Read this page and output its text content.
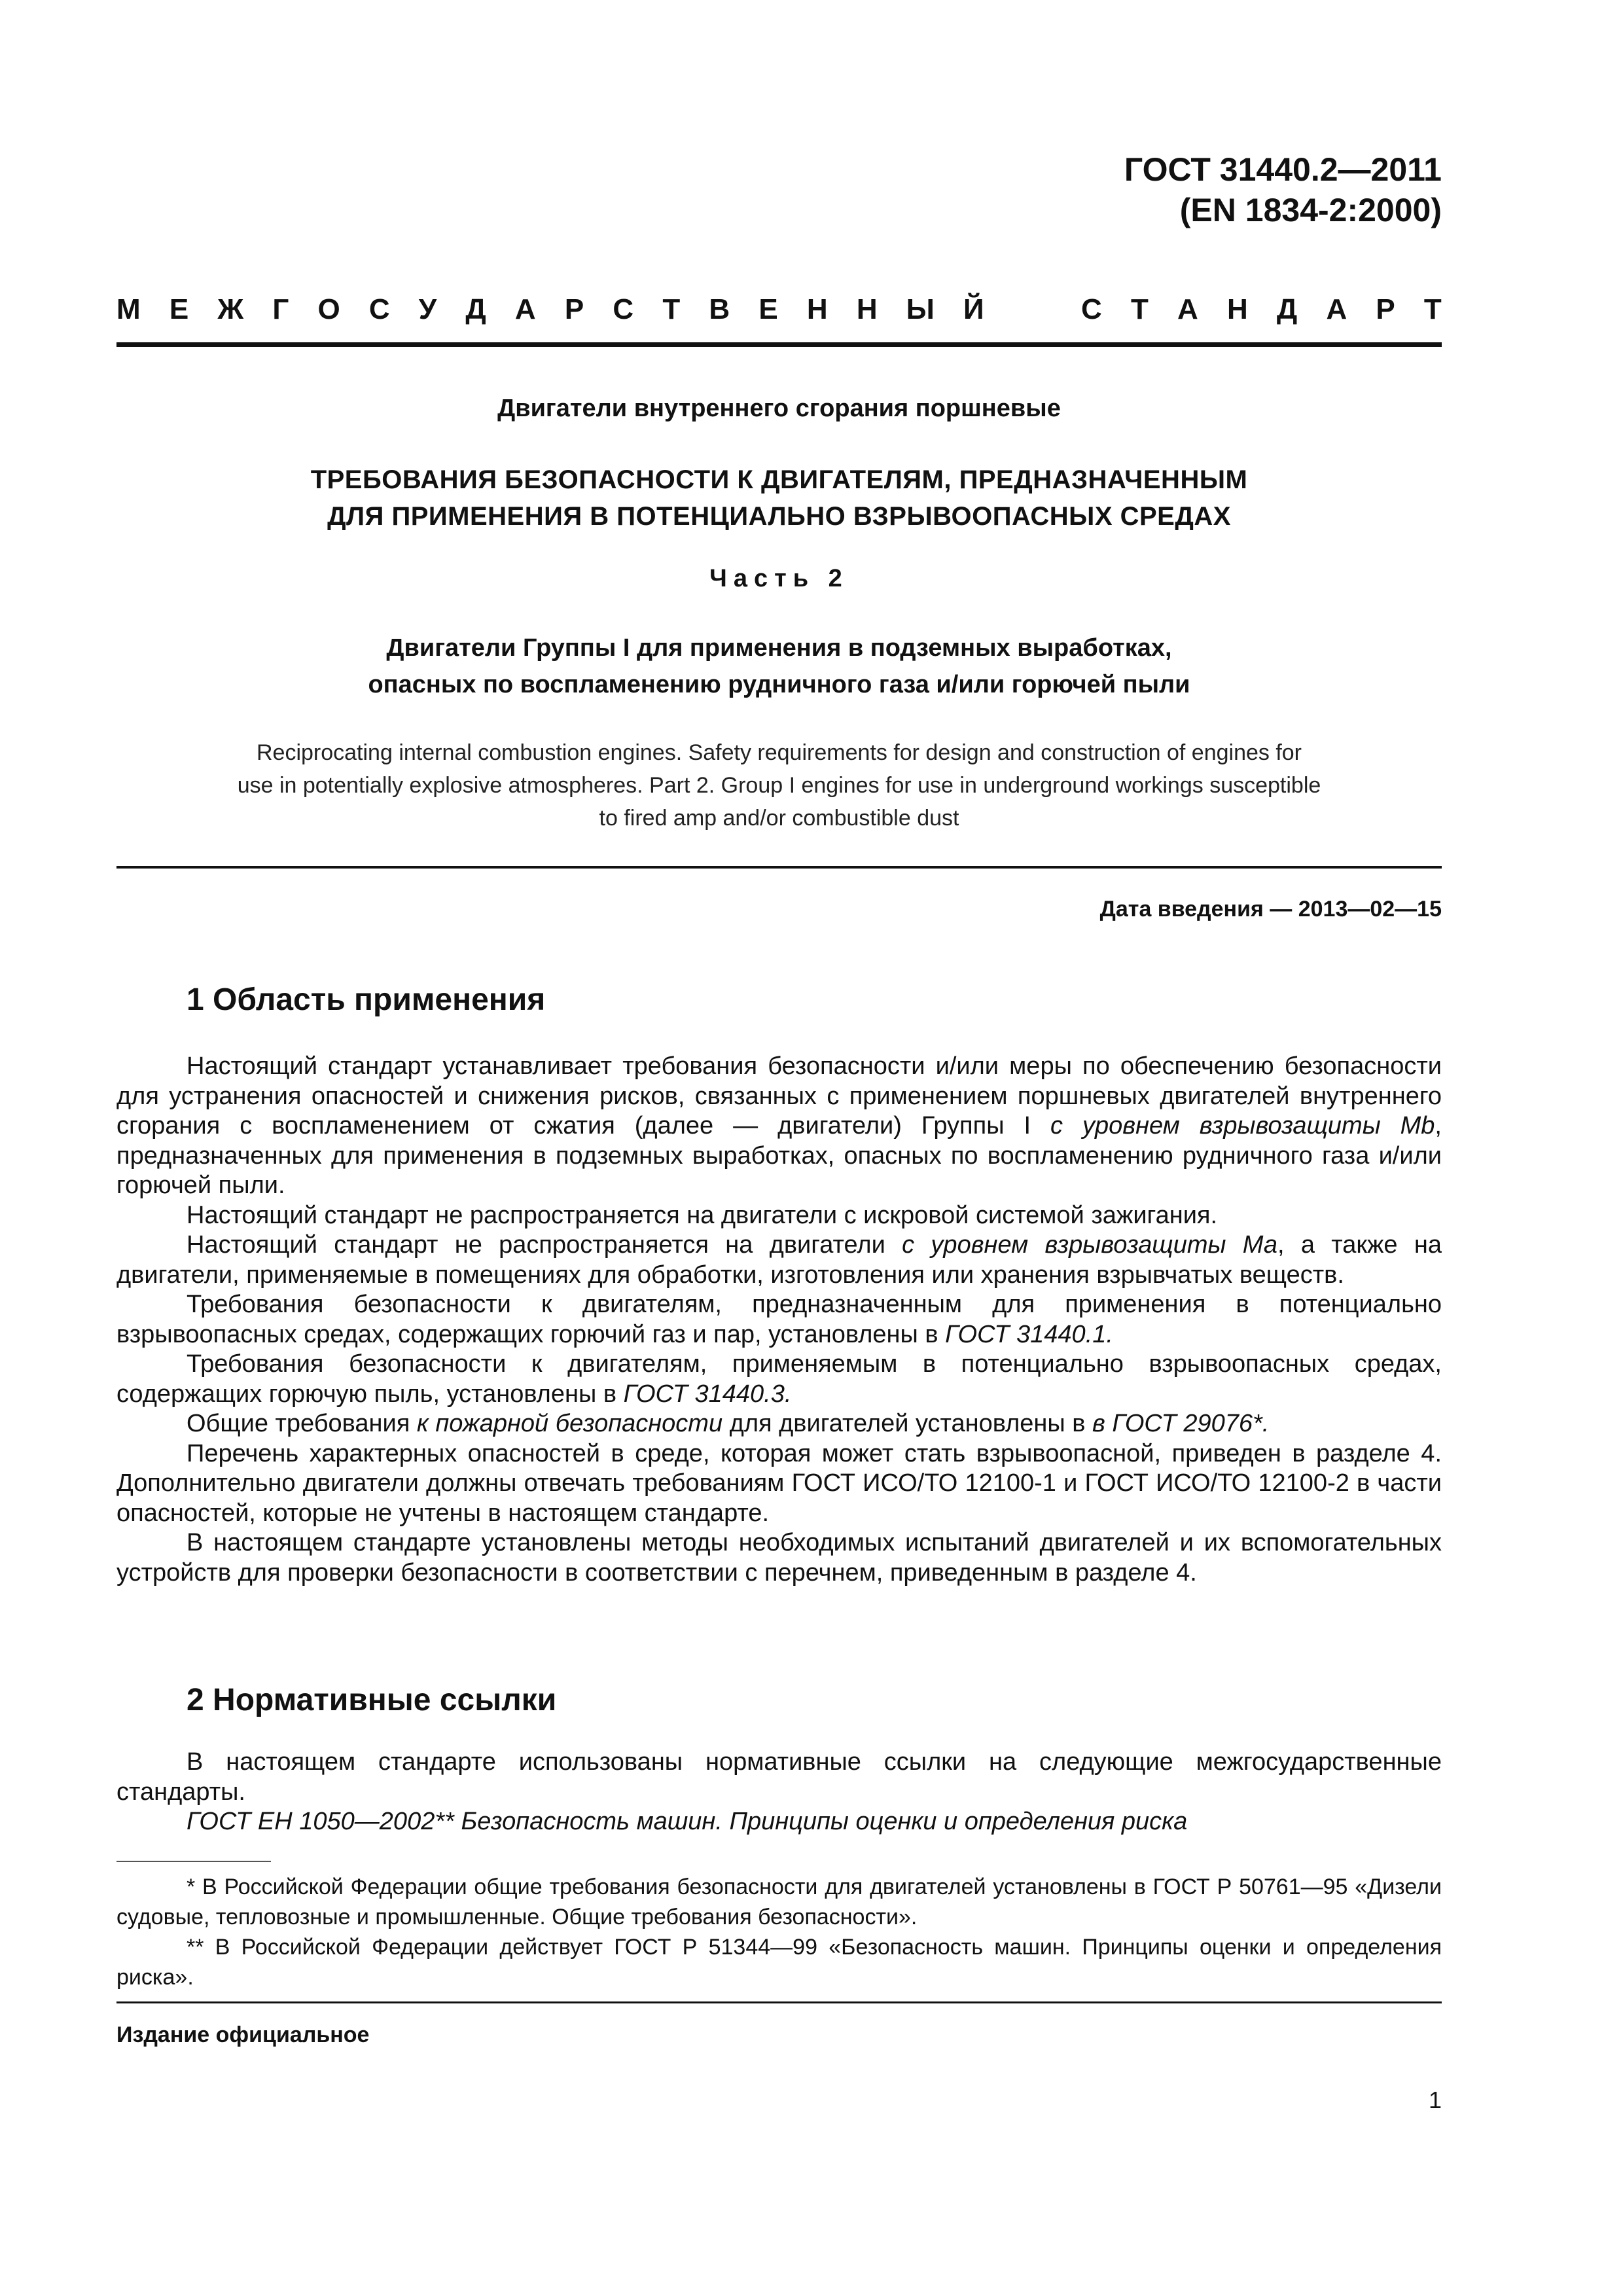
ГОСТ 31440.2—2011
(EN 1834-2:2000)
М Е Ж Г О С У Д А Р С Т В Е Н Н Ы Й	С Т А Н Д А Р Т
Двигатели внутреннего сгорания поршневые
ТРЕБОВАНИЯ БЕЗОПАСНОСТИ К ДВИГАТЕЛЯМ, ПРЕДНАЗНАЧЕННЫМ
ДЛЯ ПРИМЕНЕНИЯ В ПОТЕНЦИАЛЬНО ВЗРЫВООПАСНЫХ СРЕДАХ
Часть 2
Двигатели Группы I для применения в подземных выработках,
опасных по воспламенению рудничного газа и/или горючей пыли
Reciprocating internal combustion engines. Safety requirements for design and construction of engines for
use in potentially explosive atmospheres. Part 2. Group I engines for use in underground workings susceptible
to fired amp and/or combustible dust
Дата введения — 2013—02—15
1 Область применения

Настоящий стандарт устанавливает требования безопасности и/или меры по обеспечению безопасности для устранения опасностей и снижения рисков, связанных с применением поршневых двигателей внутреннего сгорания с воспламенением от сжатия (далее — двигатели) Группы I с уровнем взрывозащиты Mb, предназначенных для применения в подземных выработках, опасных по воспламенению рудничного газа и/или горючей пыли.

Настоящий стандарт не распространяется на двигатели с искровой системой зажигания.

Настоящий стандарт не распространяется на двигатели с уровнем взрывозащиты Ма, а также на двигатели, применяемые в помещениях для обработки, изготовления или хранения взрывчатых веществ.

Требования безопасности к двигателям, предназначенным для применения в потенциально взрывоопасных средах, содержащих горючий газ и пар, установлены в ГОСТ 31440.1.

Требования безопасности к двигателям, применяемым в потенциально взрывоопасных средах, содержащих горючую пыль, установлены в ГОСТ 31440.3.

Общие требования к пожарной безопасности для двигателей установлены в в ГОСТ 29076*.

Перечень характерных опасностей в среде, которая может стать взрывоопасной, приведен в разделе 4. Дополнительно двигатели должны отвечать требованиям ГОСТ ИСО/ТО 12100-1 и ГОСТ ИСО/ТО 12100-2 в части опасностей, которые не учтены в настоящем стандарте.

В настоящем стандарте установлены методы необходимых испытаний двигателей и их вспомогательных устройств для проверки безопасности в соответствии с перечнем, приведенным в разделе 4.

2 Нормативные ссылки

В настоящем стандарте использованы нормативные ссылки на следующие межгосударственные стандарты.

ГОСТ ЕН 1050—2002** Безопасность машин. Принципы оценки и определения риска

* В Российской Федерации общие требования безопасности для двигателей установлены в ГОСТ Р 50761—95 «Дизели судовые, тепловозные и промышленные. Общие требования безопасности».

** В Российской Федерации действует ГОСТ Р 51344—99 «Безопасность машин. Принципы оценки и определения риска».

Издание официальное
1
